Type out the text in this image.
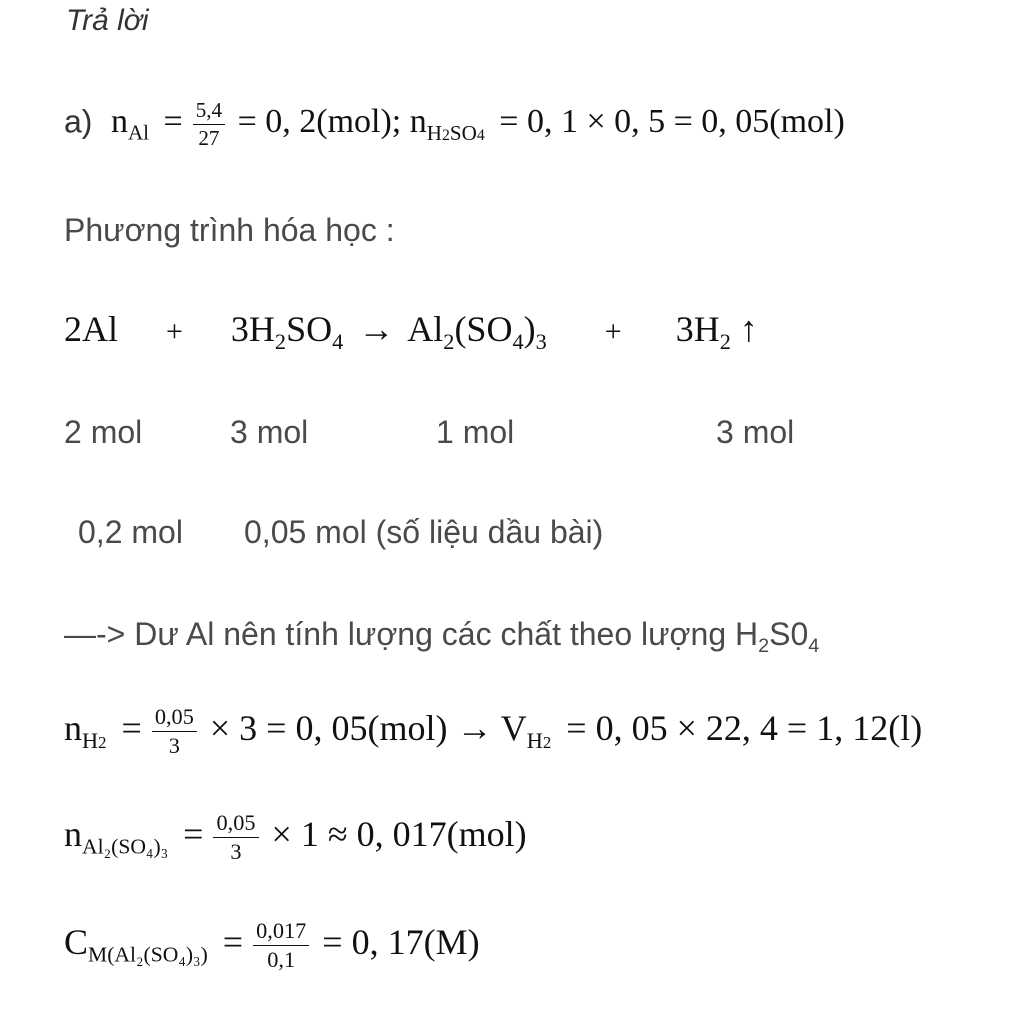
Trả lời
a) $n_{Al} = \frac{5,4}{27} = 0$, 2(mol); $n_{H2SO4} = 0$, 1 × 0, 5 = 0, 05(mol)
Phương trình hóa học :
$2Al + 3H_2SO_4 \to Al_2(SO_4)_3 + 3H_2$ ↑
2 mol	3 mol	1 mol	3 mol
0,2 mol 0,05 mol (số liệu dầu bài)
—-> Dư Al nên tính lượng các chất theo lượng $H_2S0_4$
$n_{H2} = \frac{0,05}{3} \times 3 = 0$, $05(mol) \to V_{H2} = 0$, 05 × 22, 4 = 1, 12(l)
$n_{Al_2(SO_4)_3} = \frac{0,05}{3} \times 1 \approx 0$, 017(mol)
$C_{M(Al_2(SO_4)_3)} = \frac{0,017}{0,1} = 0$, 17(M)
